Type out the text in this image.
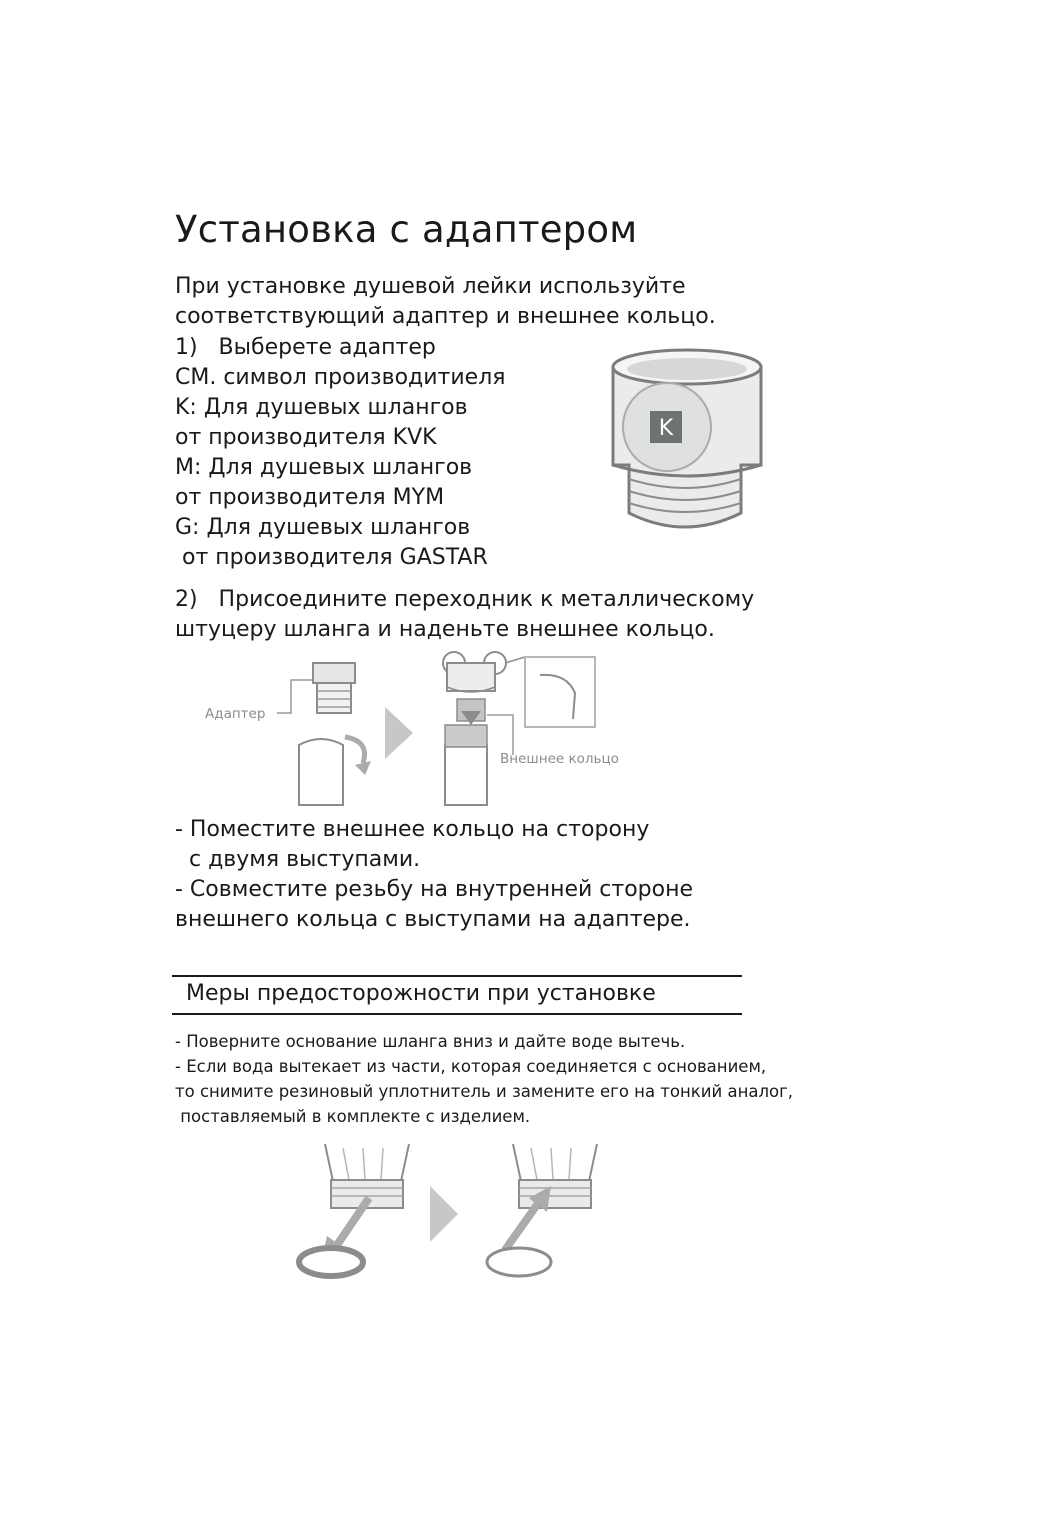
Установка с адаптером
При установке душевой лейки используйте
соответствующий адаптер и внешнее кольцо.
1)   Выберете адаптер
СМ. символ производитиеля
K: Для душевых шлангов
от производителя KVK
M: Для душевых шлангов
от производителя MYM
G: Для душевых шлангов
от производителя GASTAR
K
2)   Присоедините переходник к металлическому
штуцеру шланга и наденьте внешнее кольцо.
Адаптер
Внешнее кольцо
- Поместите внешнее кольцо на сторону
с двумя выступами.
- Совместите резьбу на внутренней стороне
внешнего кольца с выступами на адаптере.
Меры предосторожности при установке
- Поверните основание шланга вниз и дайте воде вытечь.
- Если вода вытекает из части, которая соединяется с основанием,
то снимите резиновый уплотнитель и замените его на тонкий аналог,
поставляемый в комплекте с изделием.
